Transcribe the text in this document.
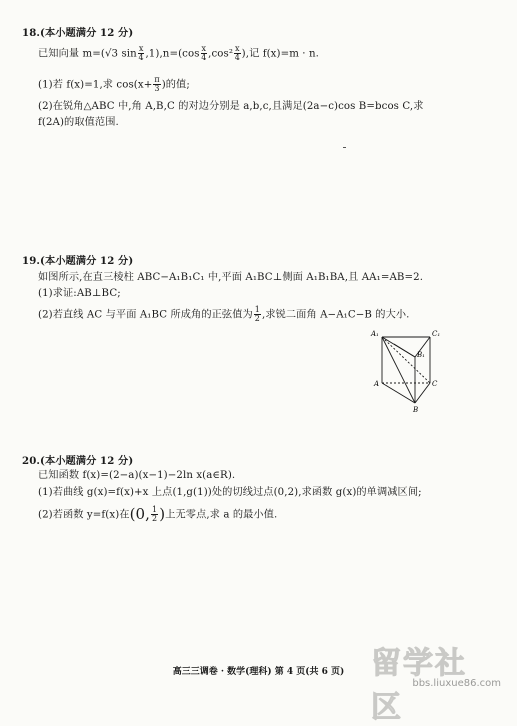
18.(本小题满分 12 分)
已知向量 m=(√3 $\sin \frac{x}{4} ,1),n=(\cos \frac{x}{4} ,\cos^2 \frac{x}{4}$ ),记 f(x)=m · n.
(1)若 f(x)=1,求 $\cos(x+ \frac{\pi}{3}$ )的值;
(2)在锐角△ABC 中,角 A,B,C 的对边分别是 a,b,c,且满足(2a−c)cos B=bcos C,求
f(2A)的取值范围.
19.(本小题满分 12 分)
如图所示,在直三棱柱 ABC−A₁B₁C₁ 中,平面 A₁BC⊥侧面 A₁B₁BA,且 AA₁=AB=2.
(1)求证:AB⊥BC;
(2)若直线 AC 与平面 A₁BC 所成角的正弦值为 $\frac{1}{2}$ ,求锐二面角 A−A₁C−B 的大小.
A₁	C₁
B₁
A	C
B
20.(本小题满分 12 分)
已知函数 f(x)=(2−a)(x−1)−2ln x(a∈R).
(1)若曲线 g(x)=f(x)+x 上点(1,g(1))处的切线过点(0,2),求函数 g(x)的单调减区间;
(2)若函数 y=f(x)在(0, $\frac{1}{2}$ )上无零点,求 a 的最小值.
高三三调卷 · 数学(理科) 第 4 页(共 6 页) 留学社区
bbs.liuxue86.com
